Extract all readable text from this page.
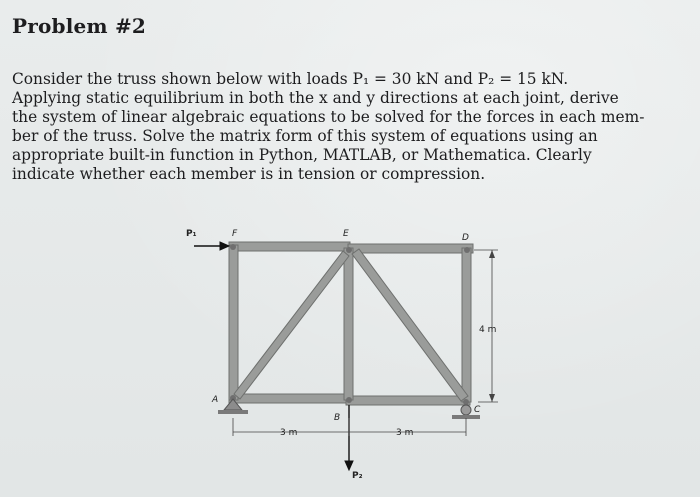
Problem #2
Consider the truss shown below with loads P₁ = 30 kN and P₂ = 15 kN.
Applying static equilibrium in both the x and y directions at each joint, derive
the system of linear algebraic equations to be solved for the forces in each mem-
ber of the truss. Solve the matrix form of this system of equations using an
appropriate built-in function in Python, MATLAB, or Mathematica. Clearly
indicate whether each member is in tension or compression.
P₁	F	E	D
A
B
C
P₂
3 m	3 m
4 m
